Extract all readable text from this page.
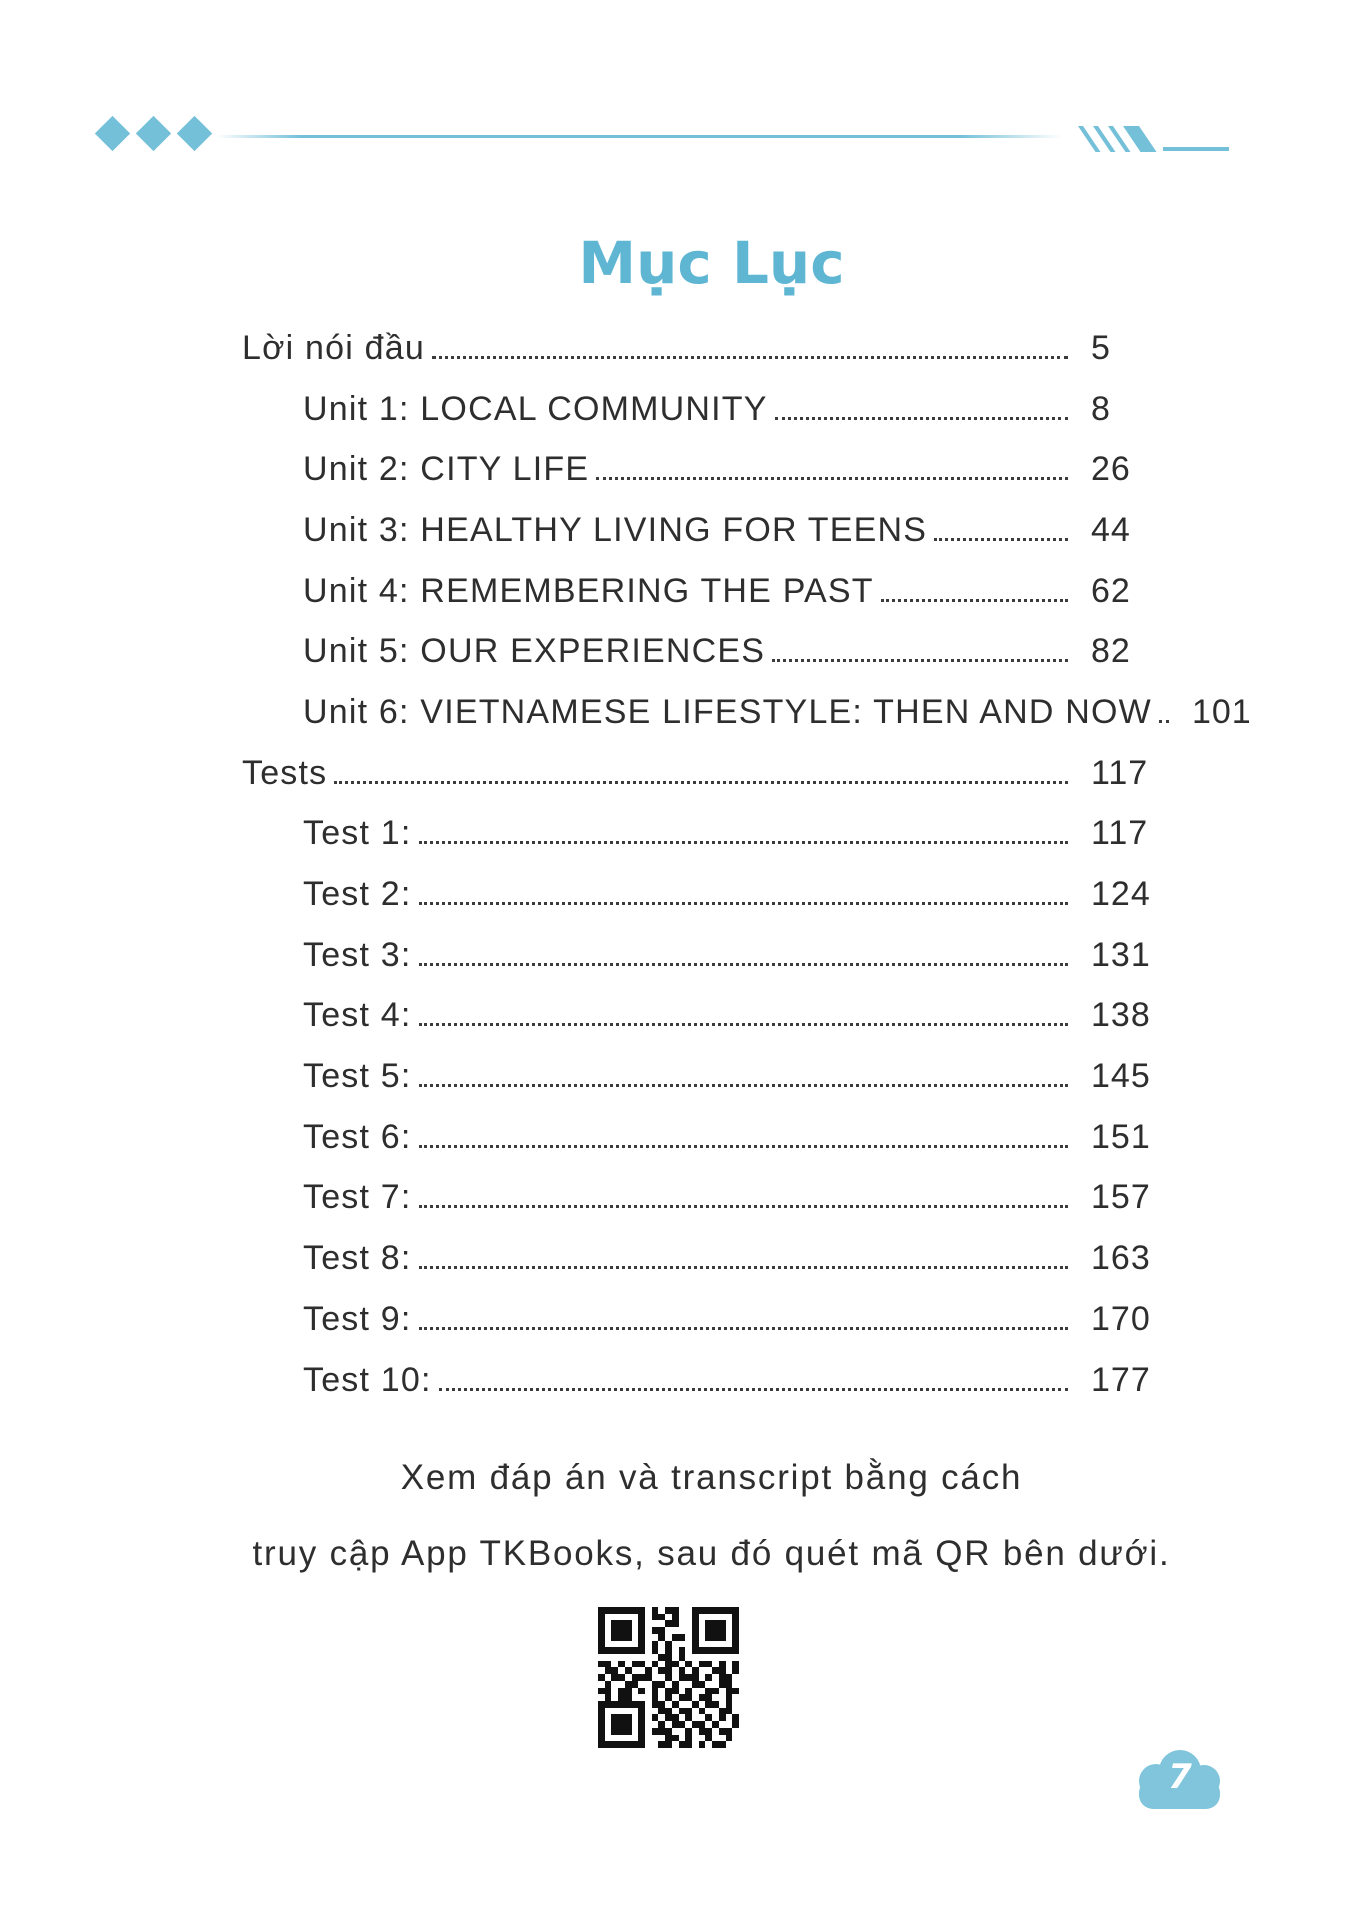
Mục Lục
Lời nói đầu	5
Unit 1: LOCAL COMMUNITY	8
Unit 2: CITY LIFE	26
Unit 3: HEALTHY LIVING FOR TEENS	44
Unit 4: REMEMBERING THE PAST	62
Unit 5: OUR EXPERIENCES	82
Unit 6: VIETNAMESE LIFESTYLE: THEN AND NOW 101
Tests	117
Test 1:	117
Test 2:	124
Test 3:	131
Test 4:	138
Test 5:	145
Test 6:	151
Test 7:	157
Test 8:	163
Test 9:	170
Test 10:	177
Xem đáp án và transcript bằng cách
truy cập App TKBooks, sau đó quét mã QR bên dưới.
7
